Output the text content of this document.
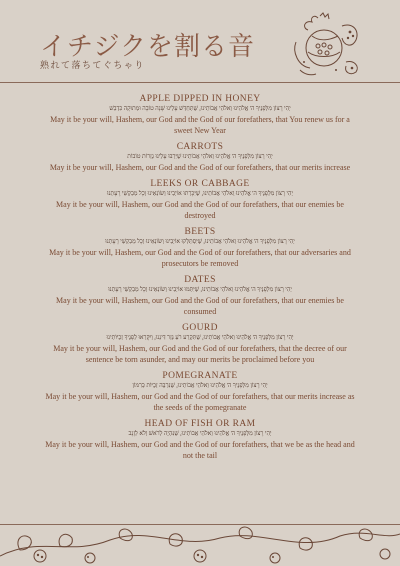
イチジクを割る音
熟れて落ちてぐちゃり
APPLE DIPPED IN HONEY
יְהִי רָצוֹן מִלְּפָנֶיךָ ה' אֱלֹהֵינוּ וֵאלֹהֵי אֲבוֹתֵינוּ, שֶׁתְּחַדֵּשׁ עָלֵינוּ שָׁנָה טוֹבָה וּמְתוּקָה כִּדְבַשׁ
May it be your will, Hashem, our God and the God of our forefathers, that You renew us for a sweet New Year
CARROTS
יְהִי רָצוֹן מִלְּפָנֶיךָ ה' אֱלֹהֵינוּ וֵאלֹהֵי אֲבוֹתֵינוּ שֶׁיִּרְבּוּ עָלֵינוּ גְזֵרוֹת טוֹבוֹת
May it be your will, Hashem, our God and the God of our forefathers, that our merits increase
LEEKS OR CABBAGE
יְהִי רָצוֹן מִלְּפָנֶיךָ ה' אֱלֹהֵינוּ וֵאלֹהֵי אֲבוֹתֵינוּ, שֶׁיִּכָּרְתוּ אוֹיְבֵינוּ וְשׂוֹנְאֵינוּ וְכָל מְבַקְשֵׁי רָעָתֵנוּ
May it be your will, Hashem, our God and the God of our forefathers, that our enemies be destroyed
BEETS
יְהִי רָצוֹן מִלְּפָנֶיךָ ה' אֱלֹהֵינוּ וֵאלֹהֵי אֲבוֹתֵינוּ, שֶׁיִּסְתַּלְּקוּ אוֹיְבֵינוּ וְשׂוֹנְאֵינוּ וְכָל מְבַקְשֵׁי רָעָתֵנוּ
May it be your will, Hashem, our God and the God of our forefathers, that our adversaries and prosecutors be removed
DATES
יְהִי רָצוֹן מִלְּפָנֶיךָ ה' אֱלֹהֵינוּ וֵאלֹהֵי אֲבוֹתֵינוּ, שֶׁיִּתַּמּוּ אוֹיְבֵינוּ וְשׂוֹנְאֵינוּ וְכָל מְבַקְשֵׁי רָעָתֵנוּ
May it be your will, Hashem, our God and the God of our forefathers, that our enemies be consumed
GOURD
יְהִי רָצוֹן מִלְּפָנֶיךָ ה' אֱלֹהֵינוּ וֵאלֹהֵי אֲבוֹתֵינוּ, שֶׁתִּקְרַע רֹעַ גְּזַר דִּינֵנוּ, וְיִקָּרְאוּ לְפָנֶיךָ זְכֻיּוֹתֵינוּ
May it be your will, Hashem, our God and the God of our forefathers, that the decree of our sentence be torn asunder, and may our merits be proclaimed before you
POMEGRANATE
יְהִי רָצוֹן מִלְּפָנֶיךָ ה' אֱלֹהֵינוּ וֵאלֹהֵי אֲבוֹתֵינוּ, שֶׁנִּרְבֶּה זְכֻיּוֹת כְּרִמּוֹן
May it be your will, Hashem, our God and the God of our forefathers, that our merits increase as the seeds of the pomegranate
HEAD OF FISH OR RAM
יְהִי רָצוֹן מִלְּפָנֶיךָ ה' אֱלֹהֵינוּ וֵאלֹהֵי אֲבוֹתֵינוּ, שֶׁנִּהְיֶה לְרֹאשׁ וְלֹא לְזָנָב
May it be your will, Hashem, our God and the God of our forefathers, that we be as the head and not the tail
